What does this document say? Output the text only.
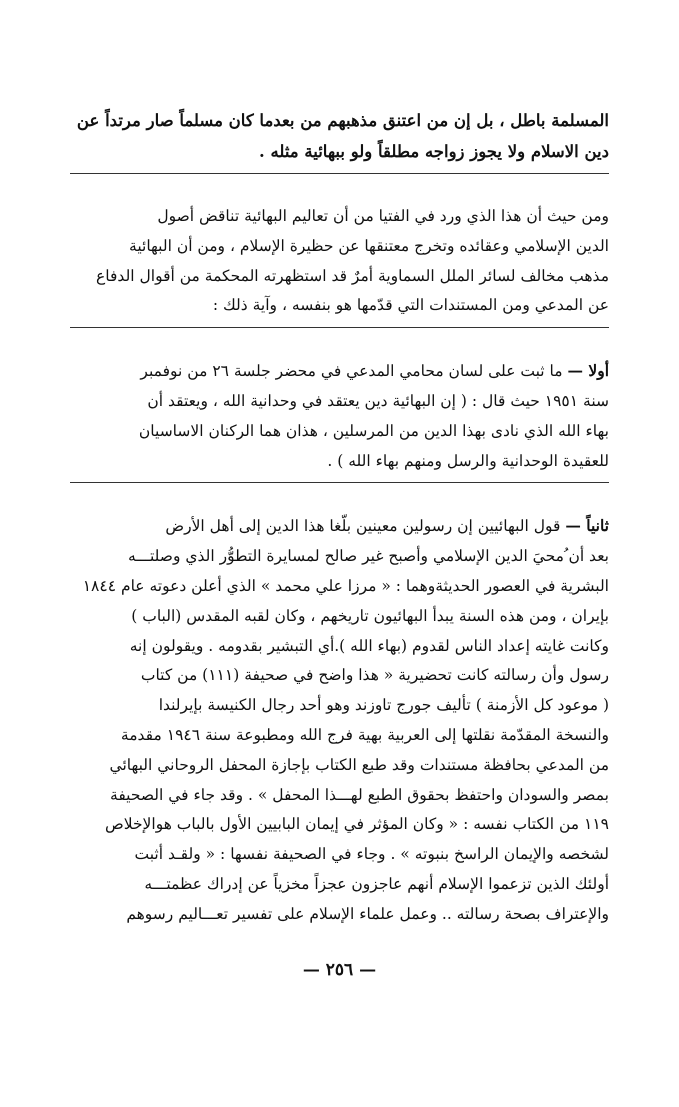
المسلمة باطل ، بل إن من اعتنق مذهبهم من بعدما كان مسلماً صار مرتداً عن
دين الاسلام ولا يجوز زواجه مطلقاً ولو ببهائية مثله .
ومن حيث أن هذا الذي ورد في الفتيا من أن تعاليم البهائية تناقض أصول
الدين الإسلامي وعقائده وتخرج معتنقها عن حظيرة الإسلام ، ومن أن البهائية
مذهب مخالف لسائر الملل السماوية أمرٌ قد استظهرته المحكمة من أقوال الدفاع
عن المدعي ومن المستندات التي قدّمها هو بنفسه ، وآية ذلك :
أولا — ما ثبت على لسان محامي المدعي في محضر جلسة ٢٦ من نوفمبر
سنة ١٩٥١ حيث قال : ( إن البهائية دين يعتقد في وحدانية الله ، ويعتقد أن
بهاء الله الذي نادى بهذا الدين من المرسلين ، هذان هما الركنان الاساسيان
للعقيدة الوحدانية والرسل ومنهم بهاء الله ) .
ثانياً — قول البهائيين إن رسولين معينين بلّغا هذا الدين إلى أهل الأرض
بعد أن ُمحيَ الدين الإسلامي وأصبح غير صالح لمسايرة التطوُّر الذي وصلتـــه
البشرية في العصور الحديثةوهما : « مرزا علي محمد » الذي أعلن دعوته عام ١٨٤٤
بإيران ، ومن هذه السنة يبدأ البهائيون تاريخهم ، وكان لقبه المقدس (الباب )
وكانت غايته إعداد الناس لقدوم (بهاء الله ).أي التبشير بقدومه . ويقولون إنه
رسول وأن رسالته كانت تحضيرية « هذا واضح في صحيفة (١١١) من كتاب
( موعود كل الأزمنة ) تأليف جورج تاوزند وهو أحد رجال الكنيسة بإيرلندا
والنسخة المقدّمة نقلتها إلى العربية بهية فرج الله ومطبوعة سنة ١٩٤٦ مقدمة
من المدعي بحافظة مستندات وقد طبع الكتاب بإجازة المحفل الروحاني البهائي
بمصر والسودان واحتفظ بحقوق الطبع لهـــذا المحفل » . وقد جاء في الصحيفة
١١٩ من الكتاب نفسه : « وكان المؤثر في إيمان البابيين الأول بالباب هوالإخلاص
لشخصه والإيمان الراسخ بنبوته » . وجاء في الصحيفة نفسها : « ولقـد أثبت
أولئك الذين تزعموا الإسلام أنهم عاجزون عجزاً مخزياً عن إدراك عظمتـــه
والإعتراف بصحة رسالته .. وعمل علماء الإسلام على تفسير تعـــاليم رسوهم
— ٢٥٦ —
